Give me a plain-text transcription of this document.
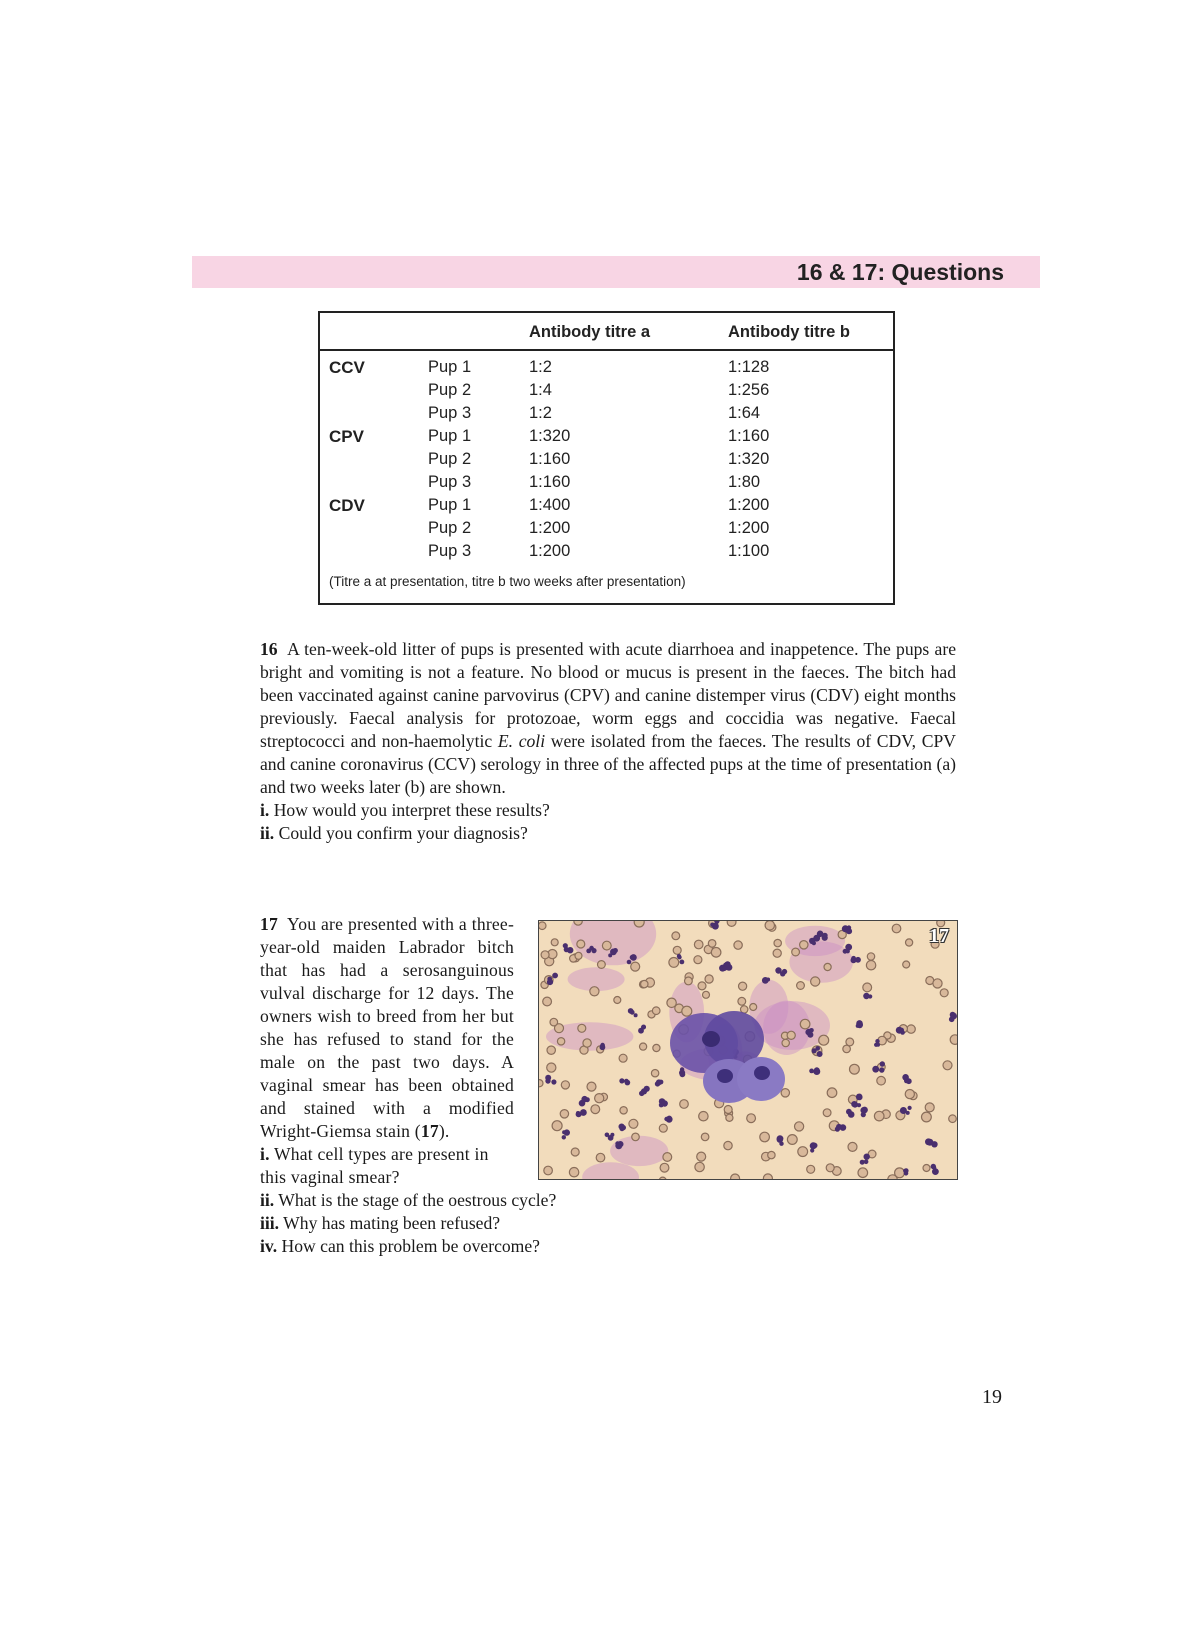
16 & 17: Questions
Antibody titre a	Antibody titre b
CCV	Pup 1	1:2	1:128
Pup 2	1:4	1:256
Pup 3	1:2	1:64
CPV	Pup 1	1:320	1:160
Pup 2	1:160	1:320
Pup 3	1:160	1:80
CDV	Pup 1	1:400	1:200
Pup 2	1:200	1:200
Pup 3	1:200	1:100
(Titre a at presentation, titre b two weeks after presentation)

16 A ten-week-old litter of pups is presented with acute diarrhoea and inappetence. The pups are bright and vomiting is not a feature. No blood or mucus is present in the faeces. The bitch had been vaccinated against canine parvovirus (CPV) and canine distemper virus (CDV) eight months previously. Faecal analysis for protozoae, worm eggs and coccidia was negative. Faecal streptococci and non-haemolytic E. coli were isolated from the faeces. The results of CDV, CPV and canine coronavirus (CCV) serology in three of the affected pups at the time of presentation (a) and two weeks later (b) are shown.

i. How would you interpret these results?

ii. Could you confirm your diagnosis?

17 You are presented with a three-year-old maiden Labrador bitch that has had a serosanguinous vulval discharge for 12 days. The owners wish to breed from her but she has refused to stand for the male on the past two days. A vaginal smear has been obtained and stained with a modified Wright-Giemsa stain (17).

i. What cell types are present in this vaginal smear?

ii. What is the stage of the oestrous cycle?

iii. Why has mating been refused?

iv. How can this problem be overcome?

17
19
